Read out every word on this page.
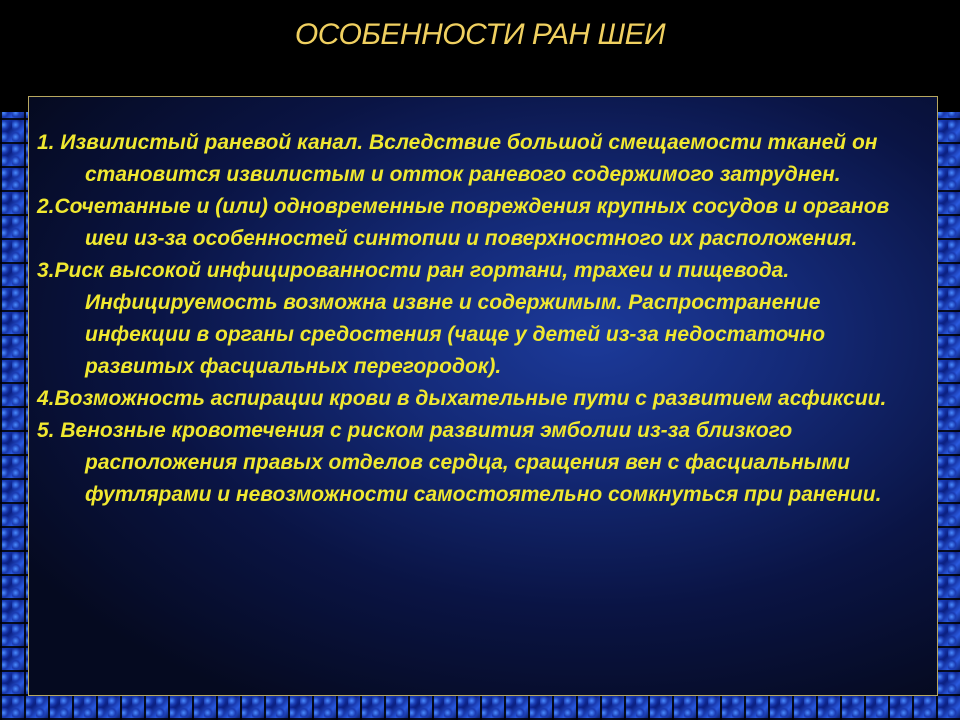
ОСОБЕННОСТИ РАН ШЕИ
1. Извилистый раневой канал. Вследствие большой смещаемости тканей он становится извилистым и отток раневого содержимого затруднен.
2.Сочетанные и (или) одновременные повреждения крупных сосудов и органов шеи из-за особенностей синтопии и поверхностного их расположения.
3.Риск высокой инфицированности ран гортани, трахеи и пищевода. Инфицируемость возможна извне и содержимым. Распространение инфекции в органы средостения (чаще у детей из-за недостаточно развитых фасциальных перегородок).
4.Возможность аспирации крови в дыхательные пути с развитием асфиксии.
5. Венозные кровотечения с риском развития эмболии из-за близкого расположения правых отделов сердца, сращения вен с фасциальными футлярами и невозможности самостоятельно сомкнуться при ранении.
